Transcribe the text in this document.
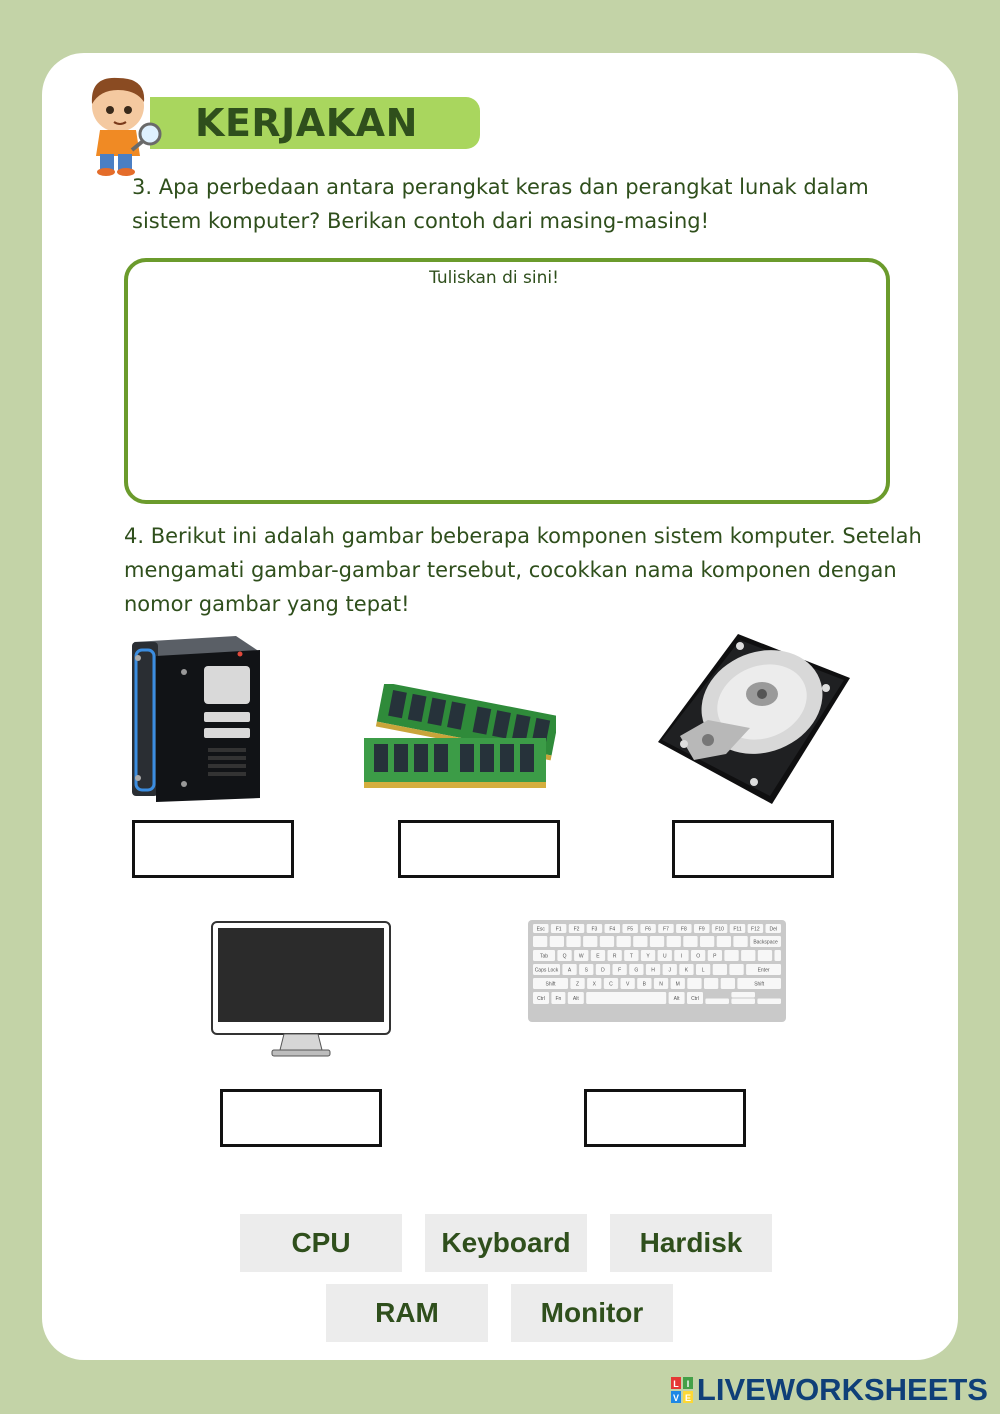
KERJAKAN
3. Apa perbedaan antara perangkat keras dan perangkat lunak dalam sistem komputer? Berikan contoh dari masing-masing!
Tuliskan di sini!
4. Berikut ini adalah gambar beberapa komponen sistem komputer. Setelah mengamati gambar-gambar tersebut, cocokkan nama komponen dengan nomor gambar yang tepat!
Esc F1 F2 F3 F4 F5 F6 F7 F8 F9 F10 F11 F12 Del
Backspace
Tab	Q W	E	R	T	Y	U	I	O	P
Caps Lock A	S	D	F	G	H	J	K	L	Enter
Shift	Z	X	C	V	B	N	M	Shift
Ctrl Fn Alt	Alt Ctrl
CPU	Keyboard	Hardisk
RAM	Monitor
L I
V E LIVEWORKSHEETS
